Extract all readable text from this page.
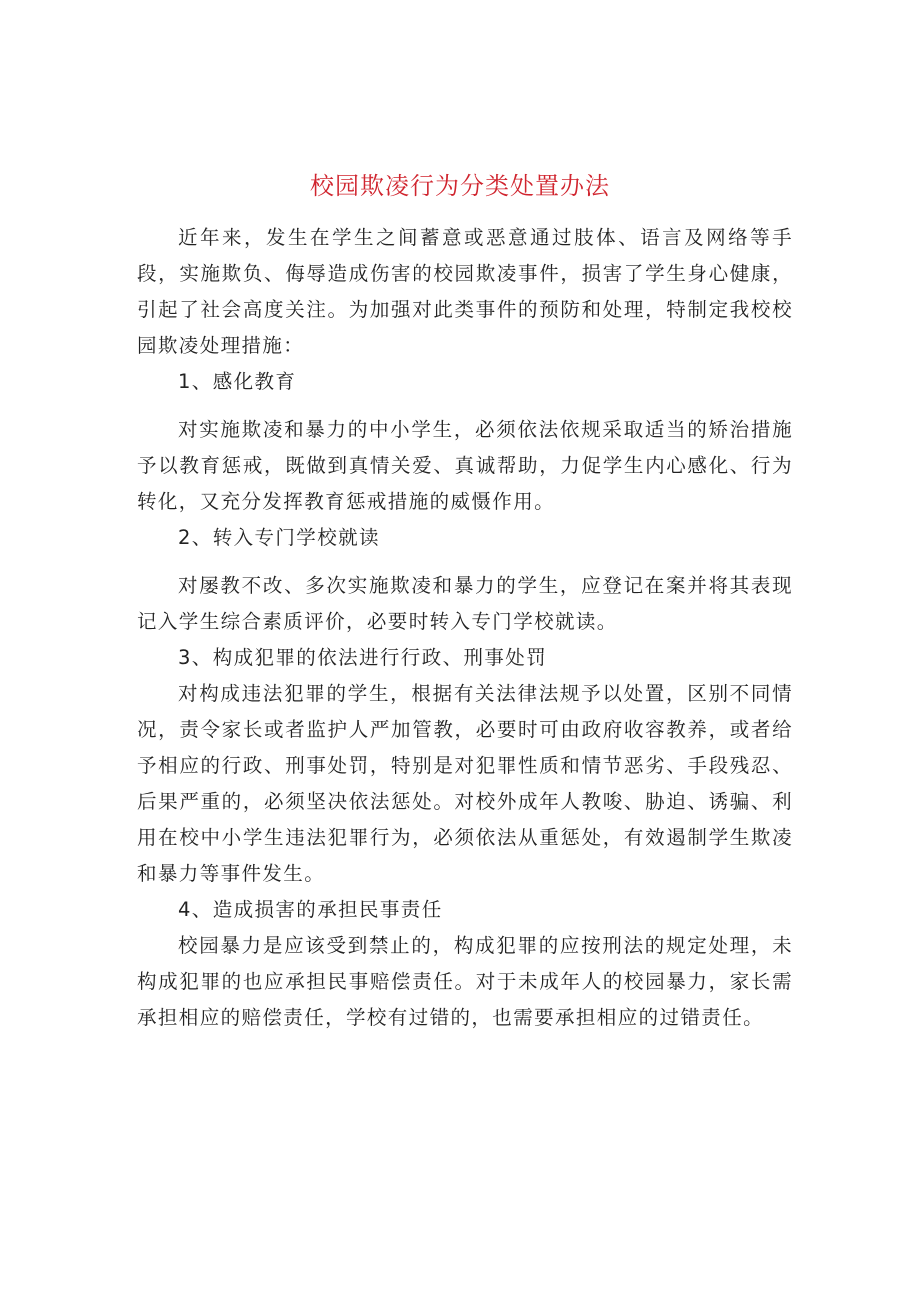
校园欺凌行为分类处置办法

近年来，发生在学生之间蓄意或恶意通过肢体、语言及网络等手段，实施欺负、侮辱造成伤害的校园欺凌事件，损害了学生身心健康，引起了社会高度关注。为加强对此类事件的预防和处理，特制定我校校园欺凌处理措施：

1、感化教育

对实施欺凌和暴力的中小学生，必须依法依规采取适当的矫治措施予以教育惩戒，既做到真情关爱、真诚帮助，力促学生内心感化、行为转化，又充分发挥教育惩戒措施的威慑作用。

2、转入专门学校就读

对屡教不改、多次实施欺凌和暴力的学生，应登记在案并将其表现记入学生综合素质评价，必要时转入专门学校就读。

3、构成犯罪的依法进行行政、刑事处罚

对构成违法犯罪的学生，根据有关法律法规予以处置，区别不同情况，责令家长或者监护人严加管教，必要时可由政府收容教养，或者给予相应的行政、刑事处罚，特别是对犯罪性质和情节恶劣、手段残忍、后果严重的，必须坚决依法惩处。对校外成年人教唆、胁迫、诱骗、利用在校中小学生违法犯罪行为，必须依法从重惩处，有效遏制学生欺凌和暴力等事件发生。

4、造成损害的承担民事责任

校园暴力是应该受到禁止的，构成犯罪的应按刑法的规定处理，未构成犯罪的也应承担民事赔偿责任。对于未成年人的校园暴力，家长需承担相应的赔偿责任，学校有过错的，也需要承担相应的过错责任。
